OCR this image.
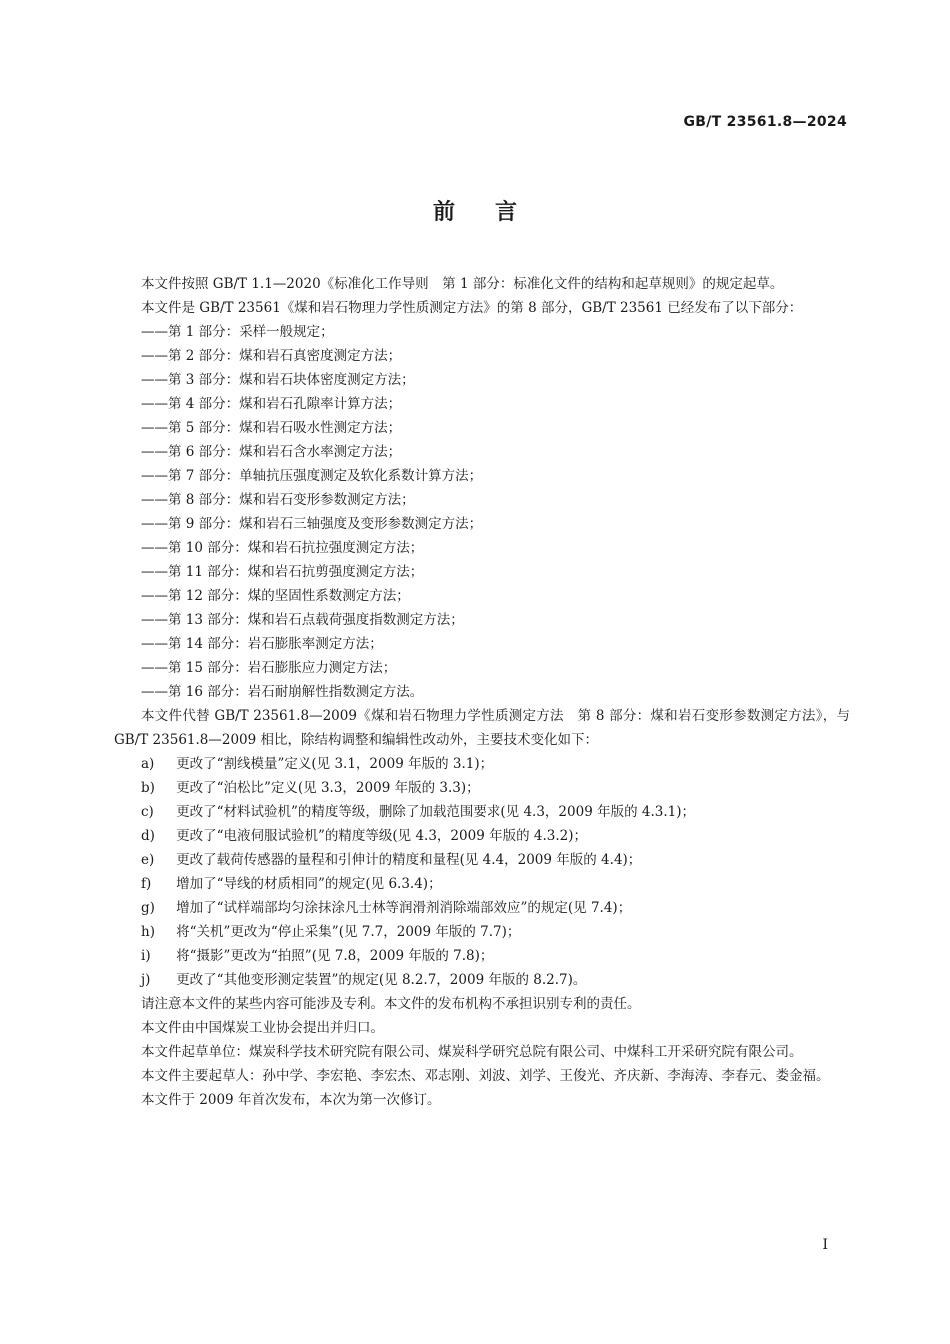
GB/T 23561.8—2024
前言

本文件按照 GB/T 1.1—2020《标准化工作导则　第 1 部分：标准化文件的结构和起草规则》的规定起草。

本文件是 GB/T 23561《煤和岩石物理力学性质测定方法》的第 8 部分，GB/T 23561 已经发布了以下部分：

——第 1 部分：采样一般规定；
——第 2 部分：煤和岩石真密度测定方法；
——第 3 部分：煤和岩石块体密度测定方法；
——第 4 部分：煤和岩石孔隙率计算方法；
——第 5 部分：煤和岩石吸水性测定方法；
——第 6 部分：煤和岩石含水率测定方法；
——第 7 部分：单轴抗压强度测定及软化系数计算方法；
——第 8 部分：煤和岩石变形参数测定方法；
——第 9 部分：煤和岩石三轴强度及变形参数测定方法；
——第 10 部分：煤和岩石抗拉强度测定方法；
——第 11 部分：煤和岩石抗剪强度测定方法；
——第 12 部分：煤的坚固性系数测定方法；
——第 13 部分：煤和岩石点载荷强度指数测定方法；
——第 14 部分：岩石膨胀率测定方法；
——第 15 部分：岩石膨胀应力测定方法；
——第 16 部分：岩石耐崩解性指数测定方法。

本文件代替 GB/T 23561.8—2009《煤和岩石物理力学性质测定方法　第 8 部分：煤和岩石变形参数测定方法》，与 GB/T 23561.8—2009 相比，除结构调整和编辑性改动外，主要技术变化如下：

a)	更改了“割线模量”定义(见 3.1，2009 年版的 3.1)；
b)	更改了“泊松比”定义(见 3.3，2009 年版的 3.3)；
c)	更改了“材料试验机”的精度等级，删除了加载范围要求(见 4.3，2009 年版的 4.3.1)；
d)	更改了“电液伺服试验机”的精度等级(见 4.3，2009 年版的 4.3.2)；
e)	更改了载荷传感器的量程和引伸计的精度和量程(见 4.4，2009 年版的 4.4)；
f)	增加了“导线的材质相同”的规定(见 6.3.4)；
g)	增加了“试样端部均匀涂抹涂凡士林等润滑剂消除端部效应”的规定(见 7.4)；
h)	将“关机”更改为“停止采集”(见 7.7，2009 年版的 7.7)；
i)	将“摄影”更改为“拍照”(见 7.8，2009 年版的 7.8)；
j)	更改了“其他变形测定装置”的规定(见 8.2.7，2009 年版的 8.2.7)。

请注意本文件的某些内容可能涉及专利。本文件的发布机构不承担识别专利的责任。

本文件由中国煤炭工业协会提出并归口。

本文件起草单位：煤炭科学技术研究院有限公司、煤炭科学研究总院有限公司、中煤科工开采研究院有限公司。

本文件主要起草人：孙中学、李宏艳、李宏杰、邓志刚、刘波、刘学、王俊光、齐庆新、李海涛、李春元、娄金福。

本文件于 2009 年首次发布，本次为第一次修订。

I
